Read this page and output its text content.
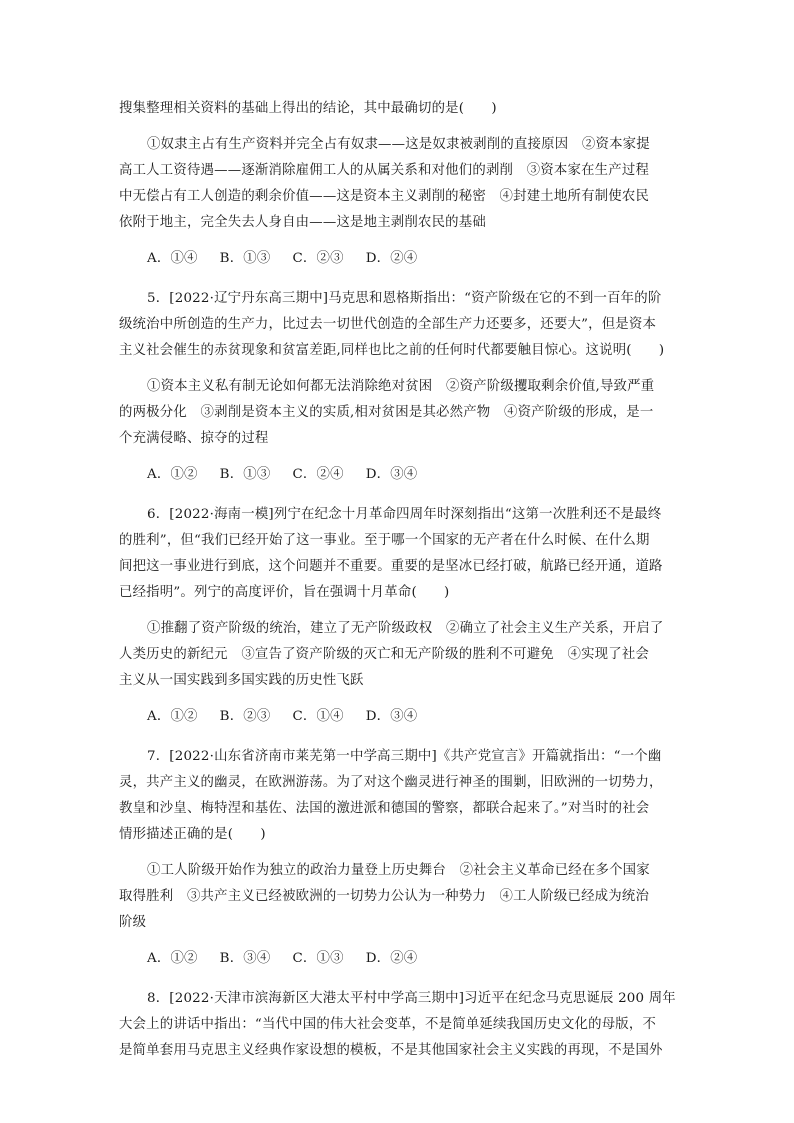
搜集整理相关资料的基础上得出的结论，其中最确切的是(　　)
①奴隶主占有生产资料并完全占有奴隶——这是奴隶被剥削的直接原因　②资本家提
高工人工资待遇——逐渐消除雇佣工人的从属关系和对他们的剥削　③资本家在生产过程
中无偿占有工人创造的剩余价值——这是资本主义剥削的秘密　④封建土地所有制使农民
依附于地主，完全失去人身自由——这是地主剥削农民的基础
A．①④ B．①③ C．②③ D．②④
5．[2022·辽宁丹东高三期中]马克思和恩格斯指出：“资产阶级在它的不到一百年的阶
级统治中所创造的生产力，比过去一切世代创造的全部生产力还要多，还要大”，但是资本
主义社会催生的赤贫现象和贫富差距,同样也比之前的任何时代都要触目惊心。这说明(　　)
①资本主义私有制无论如何都无法消除绝对贫困　②资产阶级攫取剩余价值,导致严重
的两极分化　③剥削是资本主义的实质,相对贫困是其必然产物　④资产阶级的形成，是一
个充满侵略、掠夺的过程
A．①② B．①③ C．②④ D．③④
6．[2022·海南一模]列宁在纪念十月革命四周年时深刻指出“这第一次胜利还不是最终
的胜利”，但“我们已经开始了这一事业。至于哪一个国家的无产者在什么时候、在什么期
间把这一事业进行到底，这个问题并不重要。重要的是坚冰已经打破，航路已经开通，道路
已经指明”。列宁的高度评价，旨在强调十月革命(　　)
①推翻了资产阶级的统治，建立了无产阶级政权　②确立了社会主义生产关系，开启了
人类历史的新纪元　③宣告了资产阶级的灭亡和无产阶级的胜利不可避免　④实现了社会
主义从一国实践到多国实践的历史性飞跃
A．①② B．②③ C．①④ D．③④
7．[2022·山东省济南市莱芜第一中学高三期中]《共产党宣言》开篇就指出：“一个幽
灵，共产主义的幽灵，在欧洲游荡。为了对这个幽灵进行神圣的围剿，旧欧洲的一切势力，
教皇和沙皇、梅特涅和基佐、法国的激进派和德国的警察，都联合起来了。”对当时的社会
情形描述正确的是(　　)
①工人阶级开始作为独立的政治力量登上历史舞台　②社会主义革命已经在多个国家
取得胜利　③共产主义已经被欧洲的一切势力公认为一种势力　④工人阶级已经成为统治
阶级
A．①② B．③④ C．①③ D．②④
8．[2022·天津市滨海新区大港太平村中学高三期中]习近平在纪念马克思诞辰 200 周年
大会上的讲话中指出：“当代中国的伟大社会变革，不是简单延续我国历史文化的母版，不
是简单套用马克思主义经典作家设想的模板，不是其他国家社会主义实践的再现，不是国外
